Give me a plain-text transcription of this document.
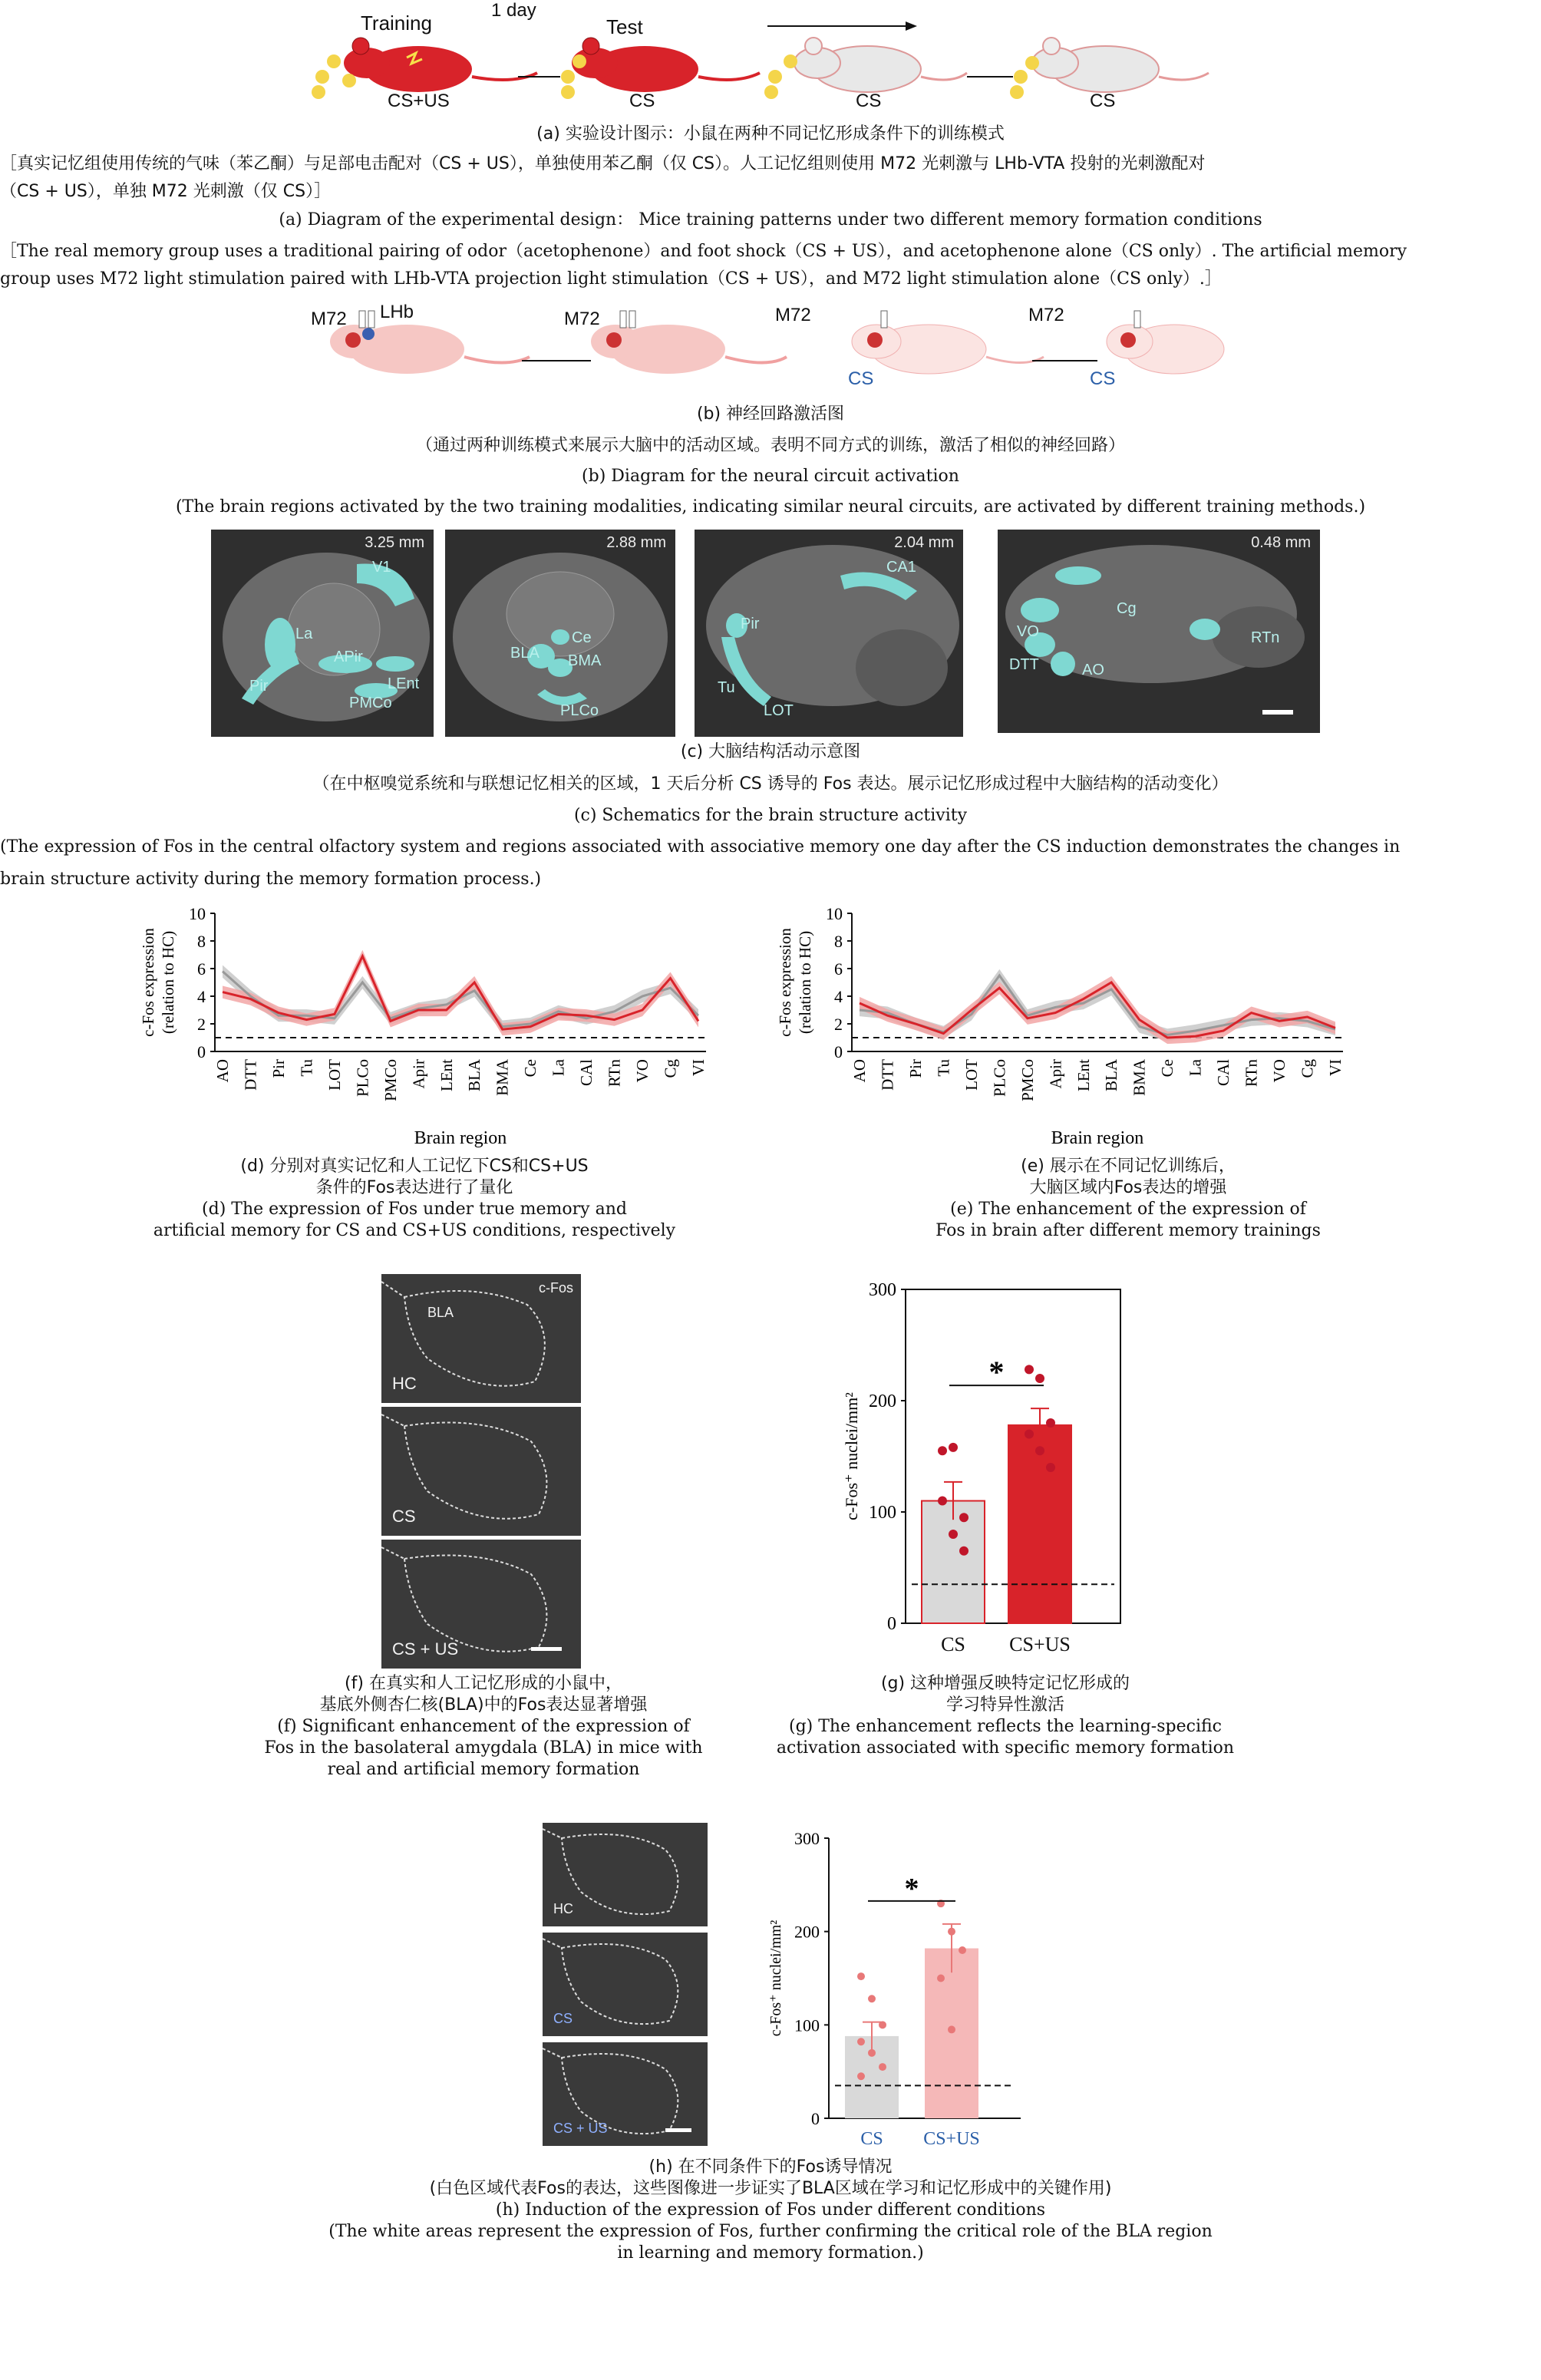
Training
1 day
Test
CS+US	CS	CS	CS
(a) 实验设计图示：小鼠在两种不同记忆形成条件下的训练模式
［真实记忆组使用传统的气味（苯乙酮）与足部电击配对（CS + US），单独使用苯乙酮（仅 CS）。人工记忆组则使用 M72 光刺激与 LHb-VTA 投射的光刺激配对
（CS + US），单独 M72 光刺激（仅 CS）］
(a) Diagram of the experimental design： Mice training patterns under two different memory formation conditions
［The real memory group uses a traditional pairing of odor（acetophenone）and foot shock（CS + US），and acetophenone alone（CS only）. The artificial memory
group uses M72 light stimulation paired with LHb-VTA projection light stimulation（CS + US），and M72 light stimulation alone（CS only）.］
M72 LHb	M72	M72	M72
CS	CS
(b) 神经回路激活图
（通过两种训练模式来展示大脑中的活动区域。表明不同方式的训练，激活了相似的神经回路）
(b) Diagram for the neural circuit activation
(The brain regions activated by the two training modalities, indicating similar neural circuits, are activated by different training methods.)
3.25 mm
V1
La
APir
Pir	LEnt
PMCo
2.88 mm
Ce
BLA BMA
PLCo
2.04 mm
CA1
Pir
Tu
LOT
0.48 mm
Cg
VO
DTT	AO
RTn
(c) 大脑结构活动示意图
（在中枢嗅觉系统和与联想记忆相关的区域，1 天后分析 CS 诱导的 Fos 表达。展示记忆形成过程中大脑结构的活动变化）
(c) Schematics for the brain structure activity
(The expression of Fos in the central olfactory system and regions associated with associative memory one day after the CS induction demonstrates the changes in
brain structure activity during the memory formation process.)
0
2
4
6
8
10
AO DTT Pir Tu LOT PLCo PMCo Apir LEnt BLA BMA Ce La CAl RTn VO Cg VI
Brain region
c-Fos expression (relation to HC)
0
2
4
6
8
10
AO DTT Pir Tu LOT PLCo PMCo Apir LEnt BLA BMA Ce La CAl RTn VO Cg VI
Brain region
c-Fos expression (relation to HC)
(d) 分别对真实记忆和人工记忆下CS和CS+US
条件的Fos表达进行了量化
(d) The expression of Fos under true memory and
artificial memory for CS and CS+US conditions, respectively
(e) 展示在不同记忆训练后，
大脑区域内Fos表达的增强
(e) The enhancement of the expression of
Fos in brain after different memory trainings
BLA
c-Fos
HC
CS
CS + US
0
100
200
300
CS CS+US
*
c-Fos⁺ nuclei/mm²
(f) 在真实和人工记忆形成的小鼠中，
基底外侧杏仁核(BLA)中的Fos表达显著增强
(f) Significant enhancement of the expression of
Fos in the basolateral amygdala (BLA) in mice with
real and artificial memory formation
(g) 这种增强反映特定记忆形成的
学习特异性激活
(g) The enhancement reflects the learning-specific
activation associated with specific memory formation
HC
CS
CS + US	0
100
200
300
CS CS+US
*
c-Fos⁺ nuclei/mm²
(h) 在不同条件下的Fos诱导情况
(白色区域代表Fos的表达，这些图像进一步证实了BLA区域在学习和记忆形成中的关键作用)
(h) Induction of the expression of Fos under different conditions
(The white areas represent the expression of Fos, further confirming the critical role of the BLA region
in learning and memory formation.)
